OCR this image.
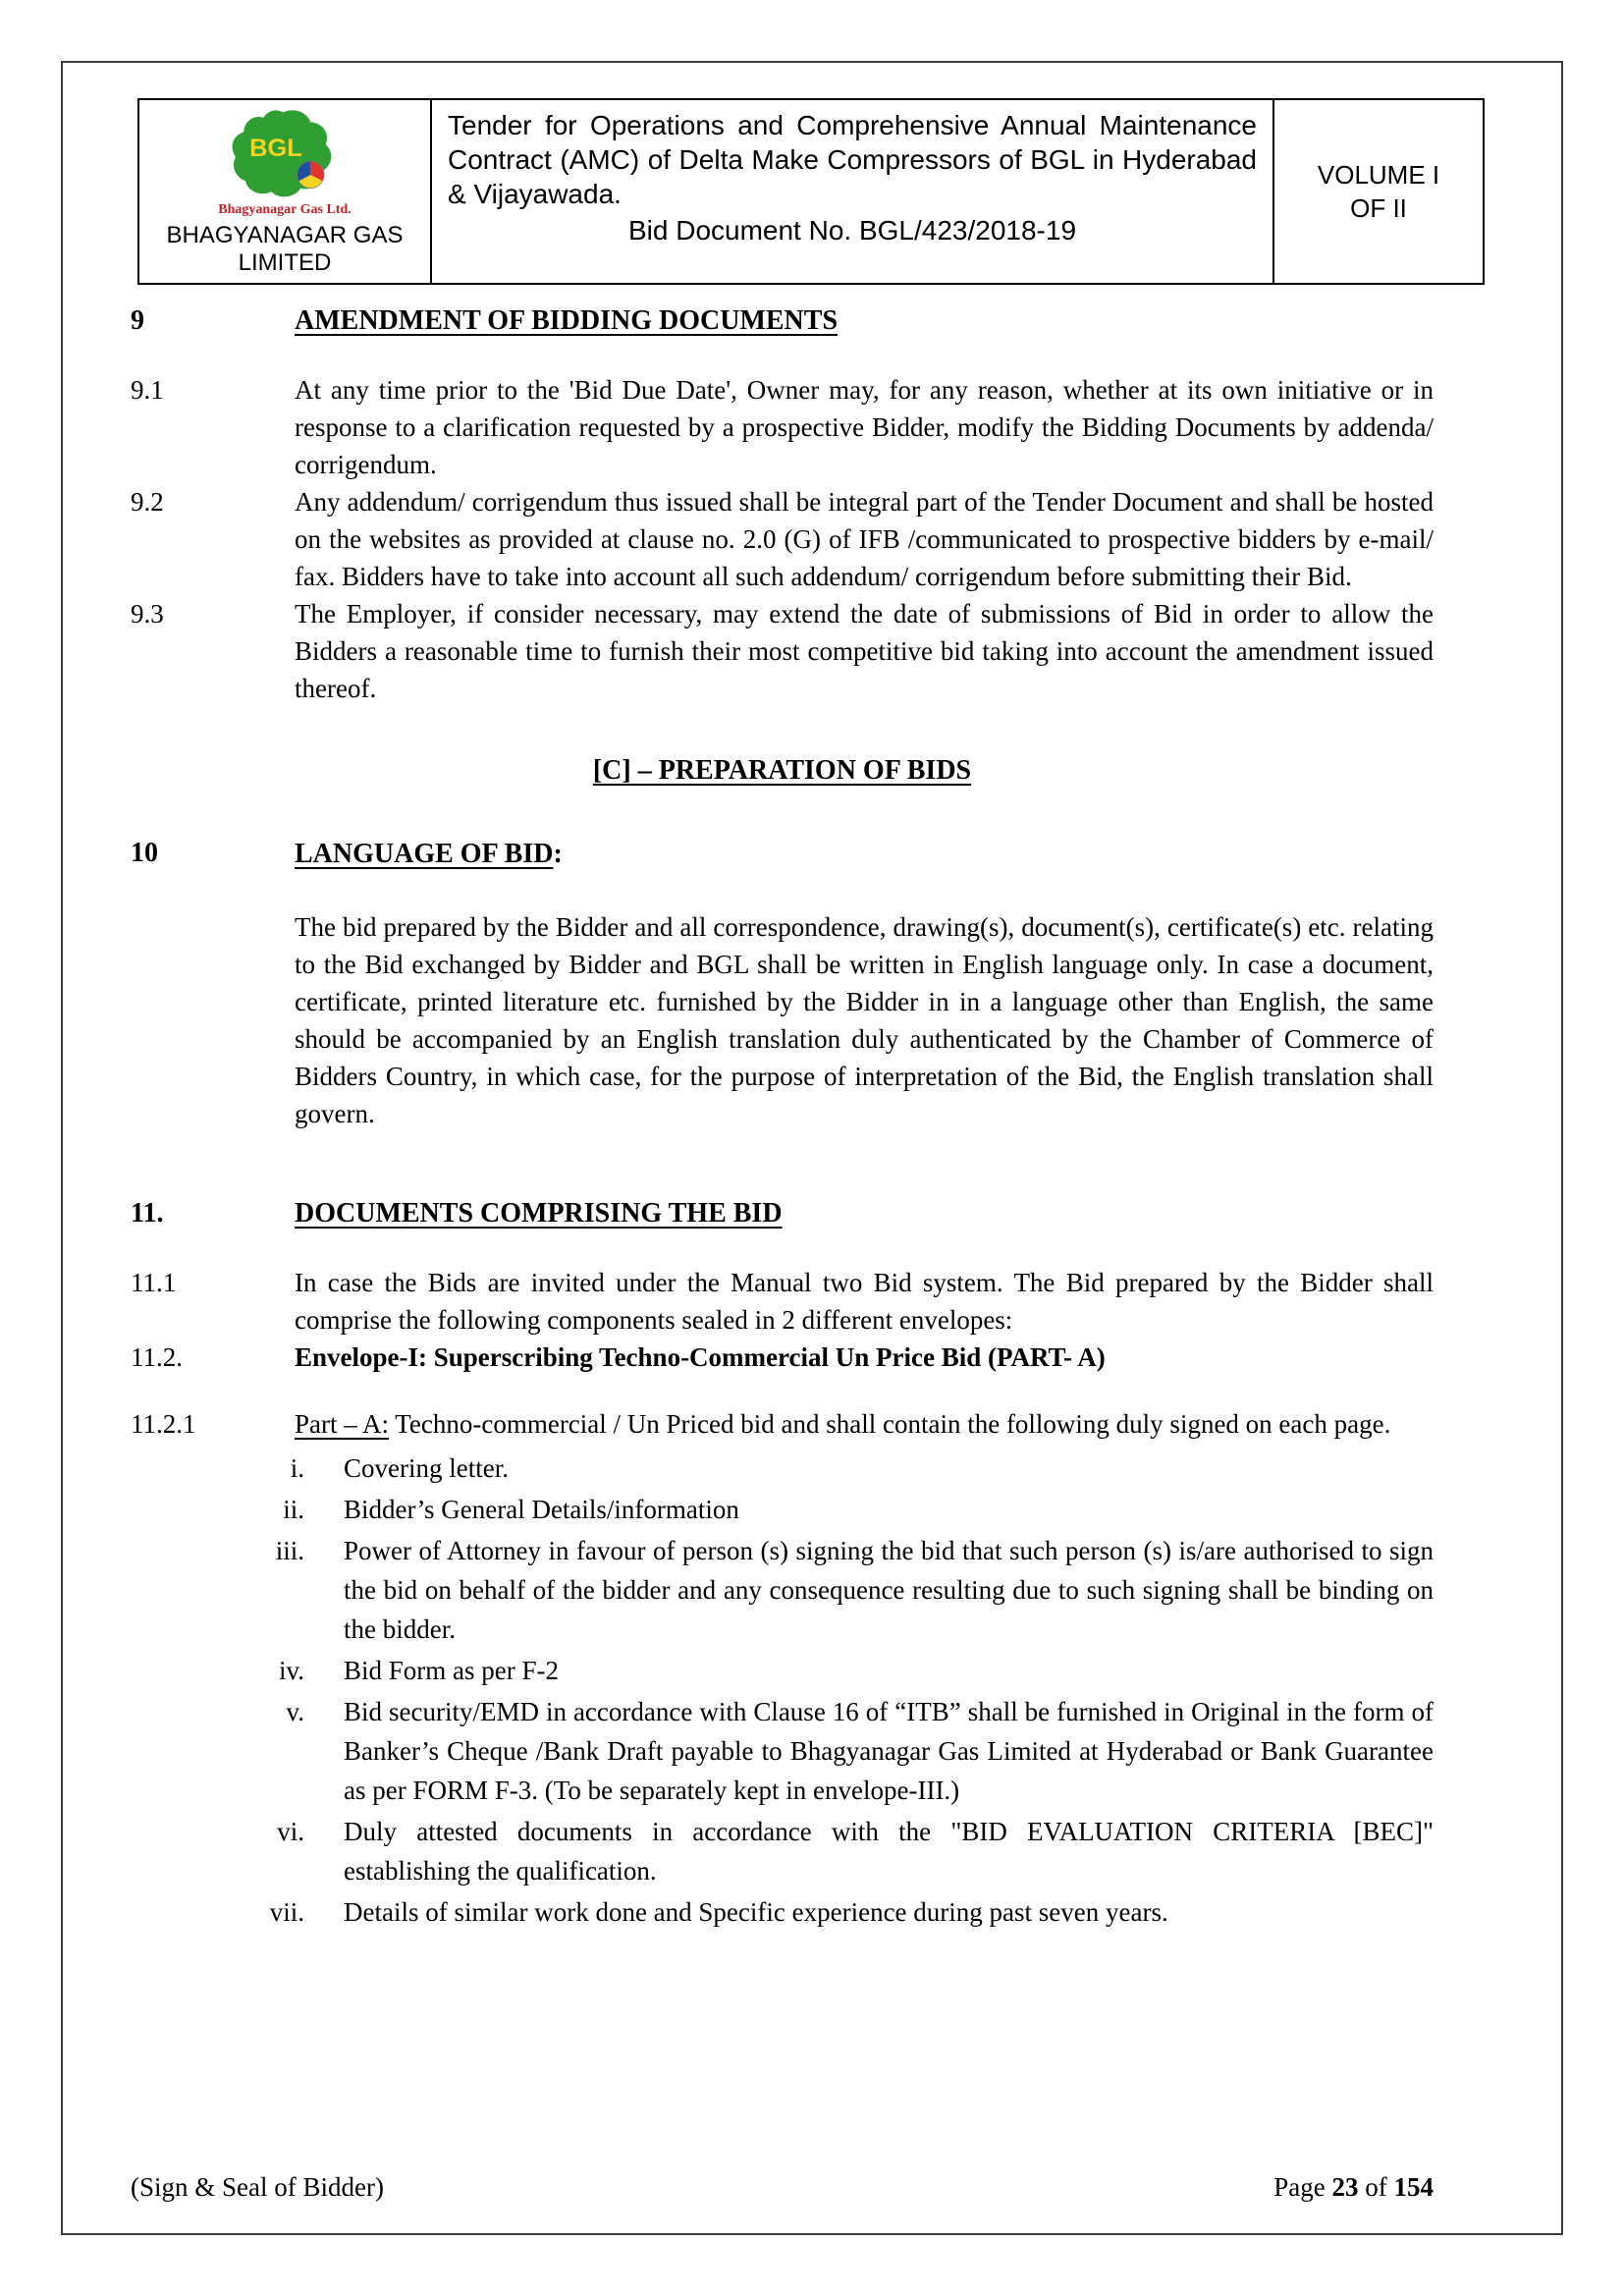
BGL
Bhagyanagar Gas Ltd.
BHAGYANAGAR GAS
LIMITED

Tender for Operations and Comprehensive Annual Maintenance Contract (AMC) of Delta Make Compressors of BGL in Hyderabad & Vijayawada.

Bid Document No. BGL/423/2018-19

VOLUME I
OF II
9	AMENDMENT OF BIDDING DOCUMENTS
9.1	At any time prior to the 'Bid Due Date', Owner may, for any reason, whether at its own initiative or in response to a clarification requested by a prospective Bidder, modify the Bidding Documents by addenda/ corrigendum.
9.2	Any addendum/ corrigendum thus issued shall be integral part of the Tender Document and shall be hosted on the websites as provided at clause no. 2.0 (G) of IFB /communicated to prospective bidders by e-mail/ fax. Bidders have to take into account all such addendum/ corrigendum before submitting their Bid.
9.3	The Employer, if consider necessary, may extend the date of submissions of Bid in order to allow the Bidders a reasonable time to furnish their most competitive bid taking into account the amendment issued thereof.
[C] – PREPARATION OF BIDS
10	LANGUAGE OF BID:
The bid prepared by the Bidder and all correspondence, drawing(s), document(s), certificate(s) etc. relating to the Bid exchanged by Bidder and BGL shall be written in English language only. In case a document, certificate, printed literature etc. furnished by the Bidder in in a language other than English, the same should be accompanied by an English translation duly authenticated by the Chamber of Commerce of Bidders Country, in which case, for the purpose of interpretation of the Bid, the English translation shall govern.
11.	DOCUMENTS COMPRISING THE BID
11.1	In case the Bids are invited under the Manual two Bid system. The Bid prepared by the Bidder shall comprise the following components sealed in 2 different envelopes:
11.2.	Envelope-I: Superscribing Techno-Commercial Un Price Bid (PART- A)
11.2.1	Part – A: Techno-commercial / Un Priced bid and shall contain the following duly signed on each page.
i. Covering letter.
ii. Bidder’s General Details/information
iii. Power of Attorney in favour of person (s) signing the bid that such person (s) is/are authorised to sign the bid on behalf of the bidder and any consequence resulting due to such signing shall be binding on the bidder.
iv. Bid Form as per F-2
v. Bid security/EMD in accordance with Clause 16 of “ITB” shall be furnished in Original in the form of Banker’s Cheque /Bank Draft payable to Bhagyanagar Gas Limited at Hyderabad or Bank Guarantee as per FORM F-3. (To be separately kept in envelope-III.)
vi. Duly attested documents in accordance with the "BID EVALUATION CRITERIA [BEC]" establishing the qualification.
vii. Details of similar work done and Specific experience during past seven years.
(Sign & Seal of Bidder)	Page 23 of 154
